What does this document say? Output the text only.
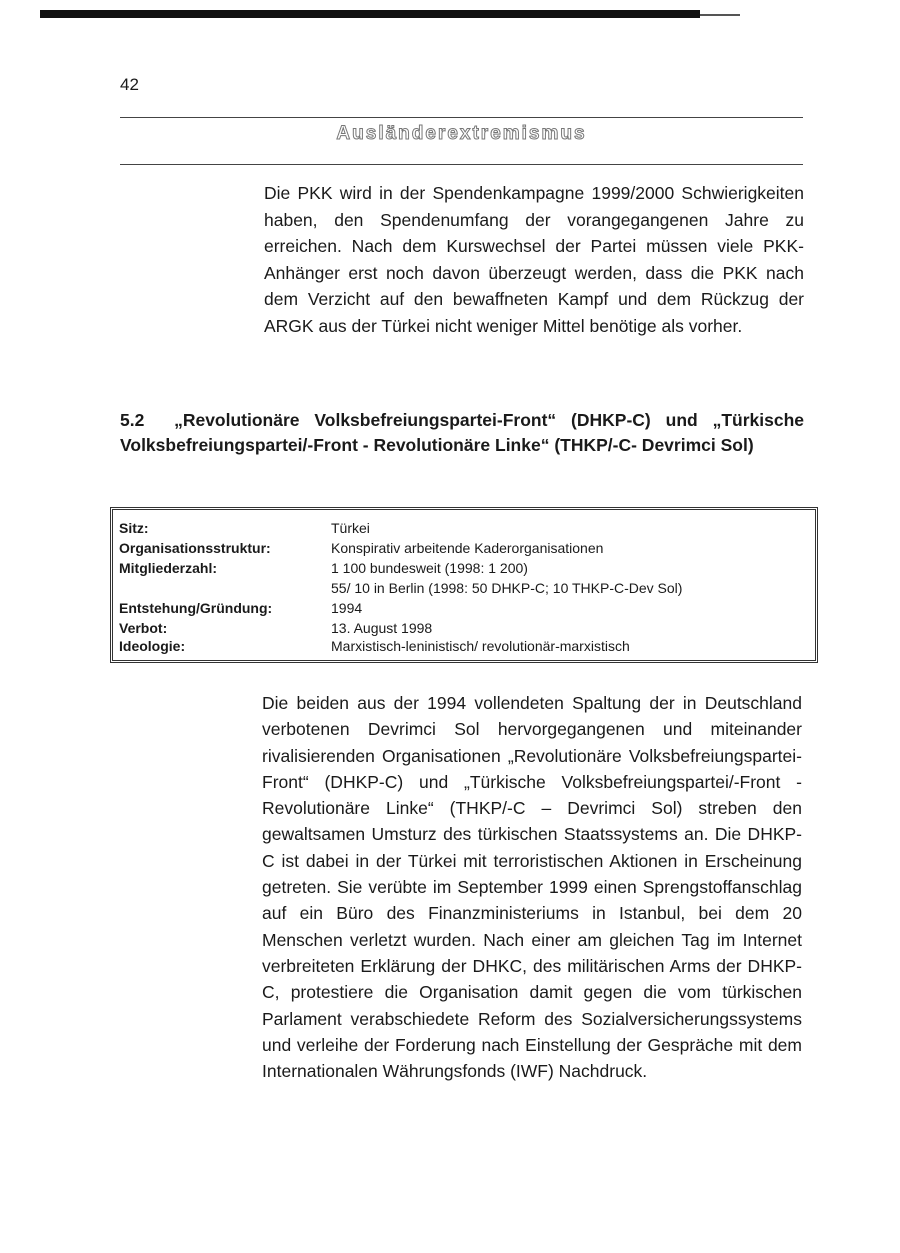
42
Ausländerextremismus

Die PKK wird in der Spendenkampagne 1999/2000 Schwierigkeiten haben, den Spendenumfang der vorangegangenen Jahre zu erreichen. Nach dem Kurswechsel der Partei müssen viele PKK-Anhänger erst noch davon überzeugt werden, dass die PKK nach dem Verzicht auf den bewaffneten Kampf und dem Rückzug der ARGK aus der Türkei nicht weniger Mittel benötige als vorher.

5.2 „Revolutionäre Volksbefreiungspartei-Front“ (DHKP-C) und „Türkische Volksbefreiungspartei/-Front - Revolutionäre Linke“ (THKP/-C- Devrimci Sol)

Sitz:	Türkei
Organisationsstruktur:	Konspirativ arbeitende Kaderorganisationen
Mitgliederzahl:	1 100 bundesweit (1998: 1 200)
55/ 10 in Berlin (1998: 50 DHKP-C; 10 THKP-C-Dev Sol)
Entstehung/Gründung:	1994
Verbot:	13. August 1998
Ideologie:	Marxistisch-leninistisch/ revolutionär-marxistisch

Die beiden aus der 1994 vollendeten Spaltung der in Deutschland verbotenen Devrimci Sol hervorgegangenen und miteinander rivalisierenden Organisationen „Revolutionäre Volksbefreiungspartei-Front“ (DHKP-C) und „Türkische Volksbefreiungspartei/-Front - Revolutionäre Linke“ (THKP/-C – Devrimci Sol) streben den gewaltsamen Umsturz des türkischen Staatssystems an. Die DHKP-C ist dabei in der Türkei mit terroristischen Aktionen in Erscheinung getreten. Sie verübte im September 1999 einen Sprengstoffanschlag auf ein Büro des Finanzministeriums in Istanbul, bei dem 20 Menschen verletzt wurden. Nach einer am gleichen Tag im Internet verbreiteten Erklärung der DHKC, des militärischen Arms der DHKP-C, protestiere die Organisation damit gegen die vom türkischen Parlament verabschiedete Reform des Sozialversicherungssystems und verleihe der Forderung nach Einstellung der Gespräche mit dem Internationalen Währungsfonds (IWF) Nachdruck.
